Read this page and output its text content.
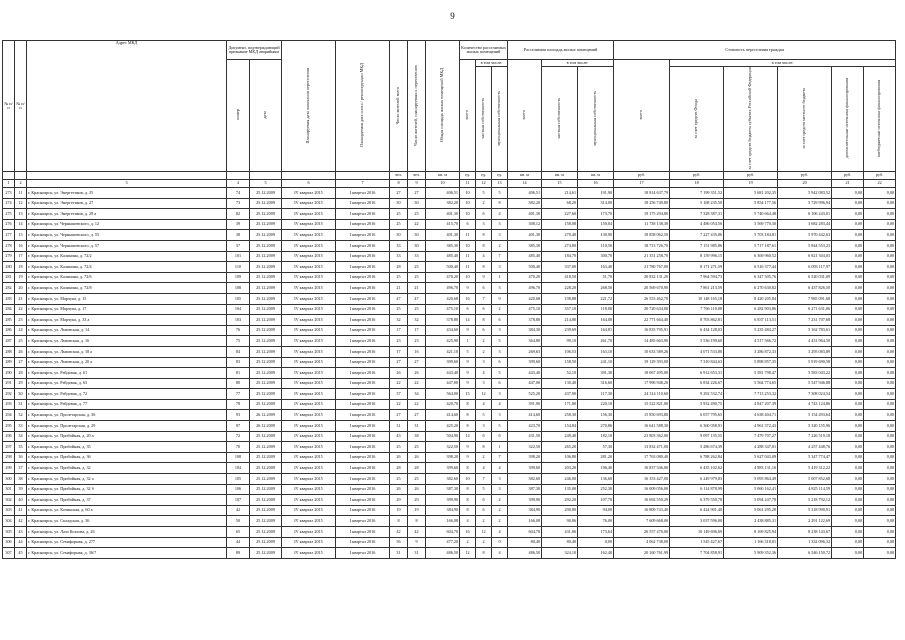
9
№ п/п	№ п/п	Адрес МКД	Документ, подтверждающий признание МКД аварийным		Планируемая дата окончания переселения	Планируемая дата сноса / реконструкции МКД	Число жителей всего	Число жителей, планируемых к переселению	Общая площадь жилых помещений МКД	Количество расселяемых жилых помещений			Расселяемая площадь жилых помещений			Стоимость переселения граждан					
			номер	дата						всего	в том числе:		всего	в том числе:		всего	в том числе:				
											частная собственность	муниципальная собственность		частная собственность	муниципальная собственность		за счет средств Фонда	за счет средств бюджета субъекта Российской Федерации	за счет средств местного бюджета	дополнительные источники финансирования	внебюджетные источники финансирования
							чел.	чел.	кв. м	ед.	ед.	ед.	кв. м	кв. м	кв. м	руб.	руб.	руб.	руб.	руб.	руб.
1	2	3	4	5	6	7	8	9	10	11	12	13	14	15	16	17	18	19	20	21	22
273	11	г. Красноярск, ул. Энергетиков, д. 25	74	25.12.2009	IV квартал 2015	I квартал 2016	27	27	406,51	10	5	5	406,51	214,61	191,90	18 814 637,79	7 199 351,52	5 681 202,35	5 942 083,52	0,00	0,00
274	12	г. Красноярск, ул. Энергетиков, д. 27	73	25.12.2009	IV квартал 2015	I квартал 2016	30	30	382,20	10	2	8	382,20	68,20	314,00	18 256 749,80	5 168 235,50	5 854 177,56	5 729 996,94	0,00	0,00
275	13	г. Красноярск, ул. Энергетиков, д. 29 а	82	25.12.2009	IV квартал 2015	I квартал 2016	25	25	401,30	10	6	4	401,30	227,60	173,70	19 175 294,80	7 328 387,31	5 740 664,48	6 106 243,01	0,00	0,00
276	14	г. Красноярск, ул. Чернышевского, д. 12	39	25.12.2009	IV квартал 2015	I квартал 2016	25	22	415,70	6	3	3	308,12	158,08	150,04	11 738 138,30	4 486 054,56	3 569 770,30	3 682 283,44	0,00	0,00
277	15	г. Красноярск, ул. Чернышевского, д. 55	38	25.12.2009	IV квартал 2015	I квартал 2016	30	30	401,30	11	8	3	401,30	270,40	130,90	18 858 062,50	7 227 435,06	5 703 184,81	5 970 442,63	0,00	0,00
278	16	г. Красноярск, ул. Чернышевского, д. 57	37	25.12.2009	IV квартал 2015	I квартал 2016	33	30	385,30	10	8	2	385,30	274,80	110,50	18 713 726,70	7 151 985,86	5 717 187,61	5 844 553,23	0,00	0,00
279	17	г. Красноярск, ул. Калинина, д. 72/2	101	25.12.2009	IV квартал 2015	I квартал 2016	33	33	485,40	11	4	7	485,40	184,70	300,70	21 351 258,70	8 159 996,15	6 369 960,52	6 821 304,03	0,00	0,00
280	18	г. Красноярск, ул. Калинина, д. 72/4	110	25.12.2009	IV квартал 2015	I квартал 2016	28	25	500,40	11	8	3	500,40	337,00	163,40	21 780 767,00	8 171 271,59	6 516 377,44	6 093 117,97	0,00	0,00
281	19	г. Красноярск, ул. Калинина, д. 72/6	109	25.12.2009	IV квартал 2015	I квартал 2016	25	25	470,20	10	9	1	470,20	418,50	51,70	20 832 131,20	7 964 594,73	6 347 505,76	6 520 031,09	0,00	0,00
282	20	г. Красноярск, ул. Калинина, д. 72/8	108	25.12.2009	IV квартал 2015	I квартал 2016	21	21	496,70	9	6	3	496,70	228,20	268,50	20 569 670,90	7 861 213,59	6 270 630,82	6 437 826,50	0,00	0,00
283	21	г. Красноярск, ул. Марчука, д. 15	105	25.12.2009	IV квартал 2015	I квартал 2016	47	47	420,68	16	7	9	420,68	198,88	221,72	26 553 462,70	10 148 165,18	8 420 205,84	7 985 091,68	0,00	0,00
284	22	г. Красноярск, ул. Марчука, д. 17	104	25.12.2009	IV квартал 2015	I квартал 2016	25	25	475,10	6	6	2	475,10	357,10	118,00	20 720 634,00	7 766 110,08	6 282 903,86	6 271 631,06	0,00	0,00
285	23	г. Красноярск, ул. Марчука, д. 33 а	103	25.12.2009	IV квартал 2015	I квартал 2016	32	32	378,80	14	8	6	378,80	214,80	164,00	22 771 664,40	8 703 862,81	6 837 113,51	7 231 707,68	0,00	0,00
286	24	г. Красноярск, ул. Львовская, д. 14	76	25.12.2009	IV квартал 2015	I квартал 2016	17	17	434,60	9	6	3	384,30	239,69	164,81	16 835 795,91	6 434 128,03	5 235 484,27	5 162 783,61	0,00	0,00
287	25	г. Красноярск, ул. Львовская, д. 16	75	25.12.2009	IV квартал 2015	I квартал 2016	23	23	425,90	1	2	5	364,80	99,10	261,70	14 485 663,90	5 536 199,60	4 517 566,72	4 431 964,50	0,00	0,00
288	26	г. Красноярск, ул. Львовская, д. 18 а	84	25.12.2009	IV квартал 2015	I квартал 2016	17	16	421,10	5	2	3	269,63	106,53	163,10	10 633 589,26	4 071 533,80	3 286 872,33	3 295 083,89	0,00	0,00
289	27	г. Красноярск, ул. Львовская, д. 20 а	83	25.12.2009	IV квартал 2015	I квартал 2016	27	27	399,60	9	3	6	399,60	158,50	241,10	19 129 393,00	7 310 844,63	5 898 857,35	5 919 690,58	0,00	0,00
290	28	г. Красноярск, ул. Рейдовая, д. 61	81	25.12.2009	IV квартал 2015	I квартал 2016	26	26	443,40	9	4	5	443,40	52,10	391,30	18 067 495,00	6 912 653,31	5 581 798,47	5 583 043,22	0,00	0,00
291	29	г. Красноярск, ул. Рейдовая, д. 63	80	25.12.2009	IV квартал 2015	I квартал 2016	22	22	447,00	9	3	6	447,00	130,40	316,60	17 996 948,20	6 834 226,67	5 564 774,65	5 547 946,88	0,00	0,00
292	30	г. Красноярск, ул. Рейдовая, д. 72	77	25.12.2009	IV квартал 2015	I квартал 2016	37	34	564,00	15	12	3	525,20	437,90	117,30	24 314 110,60	9 292 532,74	7 713 253,32	7 308 024,54	0,00	0,00
293	31	г. Красноярск, ул. Рейдовая, д. 77	78	25.12.2009	IV квартал 2015	I квартал 2016	22	22	420,70	8	4	4	391,90	171,80	220,10	15 522 821,00	5 932 490,75	4 847 207,39	4 743 124,86	0,00	0,00
294	32	г. Красноярск, ул. Пролетарская, д. 36	93	26.12.2009	IV квартал 2015	I квартал 2016	27	27	414,60	8	5	3	414,60	258,30	156,30	15 850 693,80	6 057 795,65	4 638 404,71	5 154 493,64	0,00	0,00
295	33	г. Красноярск, ул. Пролетарская, д. 29	97	26.12.2009	IV квартал 2015	I квартал 2016	31	31	425,20	8	3	5	423,70	154,84	270,86	16 641 588,30	6 360 058,91	4 961 372,43	5 320 155,96	0,00	0,00
296	34	г. Красноярск, ул. Прибойная, д. 20 а	72	25.12.2009	IV квартал 2015	I квартал 2016	43	38	504,90	14	6	6	431,50	249,40	182,10	23 803 362,00	9 097 135,55	7 479 707,27	7 226 519,18	0,00	0,00
297	35	г. Красноярск, ул. Прибойная, д. 35	70	25.12.2009	IV квартал 2015	I квартал 2016	25	25	322,50	9	8	1	322,50	265,20	57,30	13 832 471,00	5 286 674,39	4 288 347,81	4 257 448,76	0,00	0,00
298	36	г. Красноярск, ул. Прибойная, д. 36	108	25.12.2009	IV квартал 2015	I квартал 2016	26	26	398,20	9	2	7	398,20	106,80	281,20	17 763 080,40	6 788 262,84	5 627 043,09	5 347 774,47	0,00	0,00
299	37	г. Красноярск, ул. Прибойная, д. 32	104	25.12.2009	IV квартал 2015	I квартал 2016	28	28	399,60	8	4	4	399,60	203,20	196,40	16 837 546,00	6 435 102,62	4 983 131,16	5 419 312,22	0,00	0,00
300	38	г. Красноярск, ул. Прибойная, д. 32 а	105	25.12.2009	IV квартал 2015	I квартал 2016	25	25	382,60	10	7	3	382,60	246,00	136,60	16 353 427,00	6 249 979,83	5 095 864,49	5 007 852,68	0,00	0,00
301	39	г. Красноярск, ул. Прибойная, д. 32 б	106	25.12.2009	IV квартал 2015	I квартал 2016	26	26	387,30	8	5	3	387,30	135,00	252,30	16 009 056,00	6 114 878,99	5 060 162,41	4 825 114,59	0,00	0,00
302	40	г. Красноярск, ул. Прибойная, д. 37	107	25.12.2009	IV квартал 2015	I квартал 2016	29	29	399,90	8	6	2	399,90	292,20	107,70	16 692 550,29	6 379 550,78	5 094 247,78	5 218 792,12	0,00	0,00
303	41	г. Красноярск, ул. Кочинская, д. 60 а	42	25.12.2009	IV квартал 2015	I квартал 2016	19	19	384,90	8	6	2	384,90	290,80	94,00	16 809 743,40	6 424 901,40	5 061 295,28	5 318 990,91	0,00	0,00
304	42	г. Красноярск, ул. Складская, д. 36	50	25.12.2009	IV квартал 2015	I квартал 2016	8	8	166,08	4	2	2	166,08	90,06	76,00	7 609 668,00	3 037 596,00	2 438 885,31	2 291 122,69	0,00	0,00
305	43	г. Красноярск, ул. Лазо Козлова, д. 26	65	25.12.2009	IV квартал 2015	I квартал 2016	42	42	604,70	16	12	4	604,70	431,06	173,64	26 557 476,00	10 149 696,69	8 169 825,94	8 238 143,67	0,00	0,00
306	44	г. Красноярск, ул. Семафорная, д. 277	44	25.12.2009	IV квартал 2015	I квартал 2016	56	9	477,20	2	2	0	80,40	80,40	0,00	4 062 738,00	1 545 427,67	1 166 318,81	1 332 096,32	0,00	0,00
307	45	г. Красноярск, ул. Семафорная, д. 36/7	89	25.12.2009	IV квартал 2015	I квартал 2016	31	31	486,50	12	8	4	486,50	324,10	162,40	20 160 761,99	7 704 858,91	5 909 352,36	6 546 150,72	0,00	0,00
